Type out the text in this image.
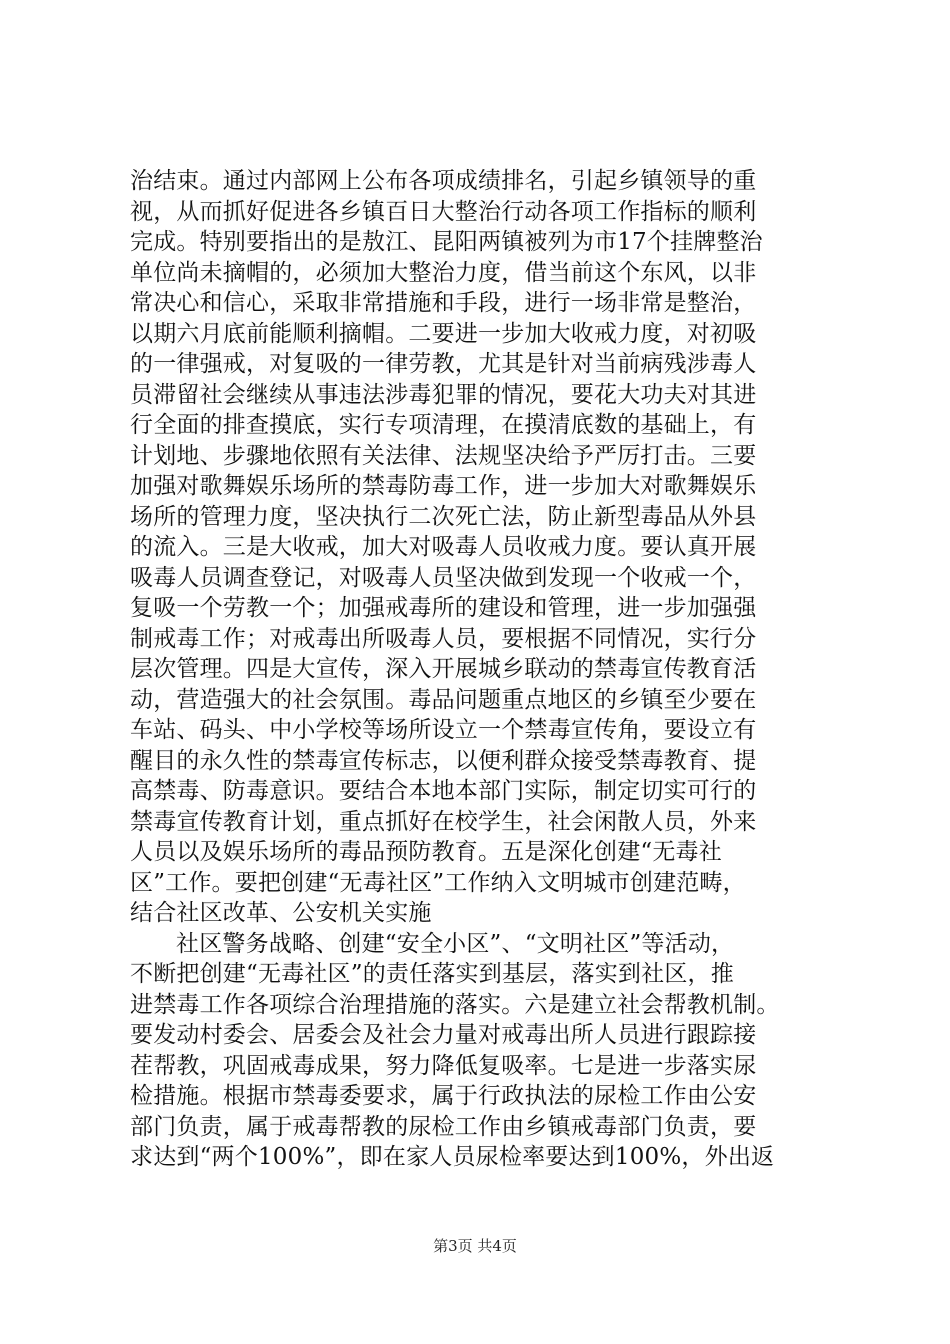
治结束。通过内部网上公布各项成绩排名，引起乡镇领导的重
视，从而抓好促进各乡镇百日大整治行动各项工作指标的顺利
完成。特别要指出的是敖江、昆阳两镇被列为市17个挂牌整治
单位尚未摘帽的，必须加大整治力度，借当前这个东风，以非
常决心和信心，采取非常措施和手段，进行一场非常是整治，
以期六月底前能顺利摘帽。二要进一步加大收戒力度，对初吸
的一律强戒，对复吸的一律劳教，尤其是针对当前病残涉毒人
员滞留社会继续从事违法涉毒犯罪的情况，要花大功夫对其进
行全面的排查摸底，实行专项清理，在摸清底数的基础上，有
计划地、步骤地依照有关法律、法规坚决给予严厉打击。三要
加强对歌舞娱乐场所的禁毒防毒工作，进一步加大对歌舞娱乐
场所的管理力度，坚决执行二次死亡法，防止新型毒品从外县
的流入。三是大收戒，加大对吸毒人员收戒力度。要认真开展
吸毒人员调查登记，对吸毒人员坚决做到发现一个收戒一个，
复吸一个劳教一个；加强戒毒所的建设和管理，进一步加强强
制戒毒工作；对戒毒出所吸毒人员，要根据不同情况，实行分
层次管理。四是大宣传，深入开展城乡联动的禁毒宣传教育活
动，营造强大的社会氛围。毒品问题重点地区的乡镇至少要在
车站、码头、中小学校等场所设立一个禁毒宣传角，要设立有
醒目的永久性的禁毒宣传标志，以便利群众接受禁毒教育、提
高禁毒、防毒意识。要结合本地本部门实际，制定切实可行的
禁毒宣传教育计划，重点抓好在校学生，社会闲散人员，外来
人员以及娱乐场所的毒品预防教育。五是深化创建“无毒社
区”工作。要把创建“无毒社区”工作纳入文明城市创建范畴，
结合社区改革、公安机关实施
社区警务战略、创建“安全小区”、“文明社区”等活动，
不断把创建“无毒社区”的责任落实到基层，落实到社区，推
进禁毒工作各项综合治理措施的落实。六是建立社会帮教机制。
要发动村委会、居委会及社会力量对戒毒出所人员进行跟踪接
茬帮教，巩固戒毒成果，努力降低复吸率。七是进一步落实尿
检措施。根据市禁毒委要求，属于行政执法的尿检工作由公安
部门负责，属于戒毒帮教的尿检工作由乡镇戒毒部门负责，要
求达到“两个100%”，即在家人员尿检率要达到100%，外出返
第3页 共4页
